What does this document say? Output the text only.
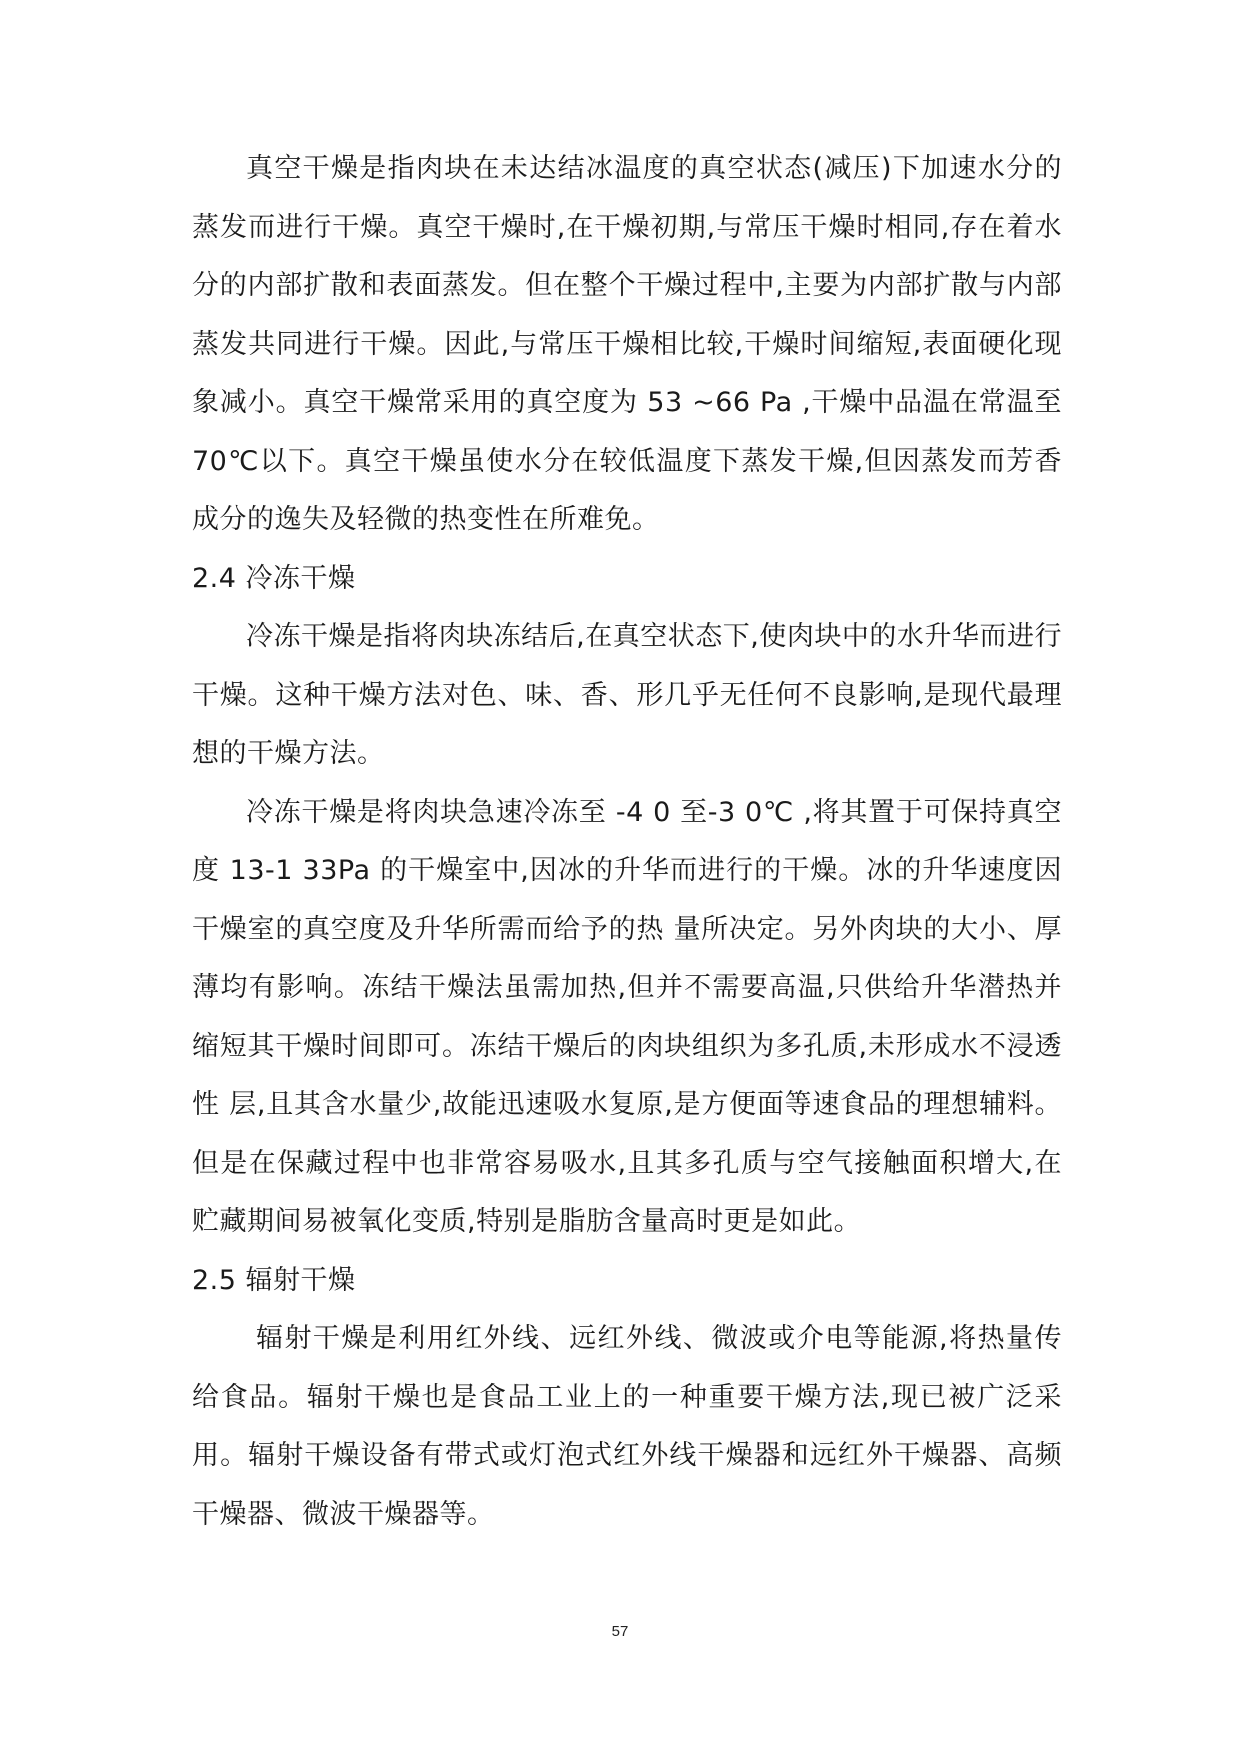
真空干燥是指肉块在未达结冰温度的真空状态(减压)下加速水分的蒸发而进行干燥。真空干燥时,在干燥初期,与常压干燥时相同,存在着水分的内部扩散和表面蒸发。但在整个干燥过程中,主要为内部扩散与内部蒸发共同进行干燥。因此,与常压干燥相比较,干燥时间缩短,表面硬化现象减小。真空干燥常采用的真空度为 53 ~66 Pa ,干燥中品温在常温至 70℃以下。真空干燥虽使水分在较低温度下蒸发干燥,但因蒸发而芳香成分的逸失及轻微的热变性在所难免。

2.4 冷冻干燥

冷冻干燥是指将肉块冻结后,在真空状态下,使肉块中的水升华而进行干燥。这种干燥方法对色、味、香、形几乎无任何不良影响,是现代最理想的干燥方法。

冷冻干燥是将肉块急速冷冻至 -4 0 至-3 0℃ ,将其置于可保持真空度 13-1 33Pa 的干燥室中,因冰的升华而进行的干燥。冰的升华速度因干燥室的真空度及升华所需而给予的热 量所决定。另外肉块的大小、厚薄均有影响。冻结干燥法虽需加热,但并不需要高温,只供给升华潜热并缩短其干燥时间即可。冻结干燥后的肉块组织为多孔质,未形成水不浸透性 层,且其含水量少,故能迅速吸水复原,是方便面等速食品的理想辅料。但是在保藏过程中也非常容易吸水,且其多孔质与空气接触面积增大,在贮藏期间易被氧化变质,特别是脂肪含量高时更是如此。

2.5 辐射干燥

辐射干燥是利用红外线、远红外线、微波或介电等能源,将热量传给食品。辐射干燥也是食品工业上的一种重要干燥方法,现已被广泛采用。辐射干燥设备有带式或灯泡式红外线干燥器和远红外干燥器、高频干燥器、微波干燥器等。

57
